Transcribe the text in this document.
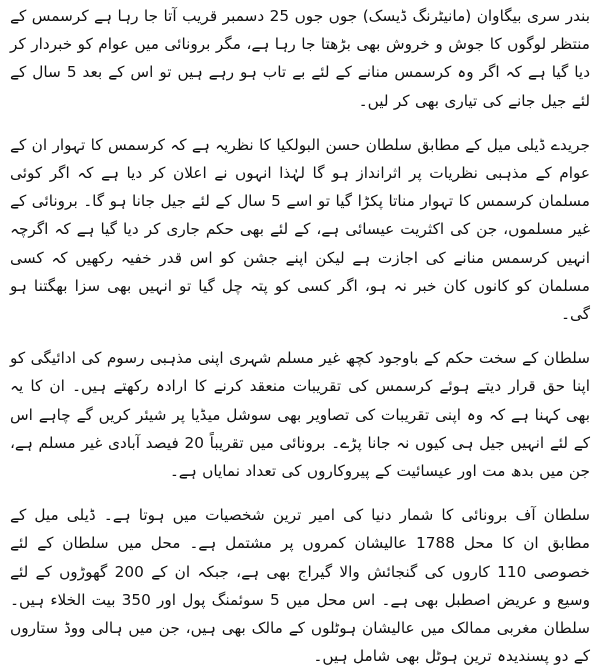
بندر سری بیگاوان (مانیٹرنگ ڈیسک) جوں جوں 25 دسمبر قریب آتا جا رہا ہے کرسمس کے منتظر لوگوں کا جوش و خروش بھی بڑھتا جا رہا ہے، مگر برونائی میں عوام کو خبردار کر دیا گیا ہے کہ اگر وہ کرسمس منانے کے لئے بے تاب ہو رہے ہیں تو اس کے بعد 5 سال کے لئے جیل جانے کی تیاری بھی کر لیں۔

جریدے ڈیلی میل کے مطابق سلطان حسن البولکیا کا نظریہ ہے کہ کرسمس کا تہوار ان کے عوام کے مذہبی نظریات پر اثرانداز ہو گا لہٰذا انہوں نے اعلان کر دیا ہے کہ اگر کوئی مسلمان کرسمس کا تہوار مناتا پکڑا گیا تو اسے 5 سال کے لئے جیل جانا ہو گا۔ برونائی کے غیر مسلموں، جن کی اکثریت عیسائی ہے، کے لئے بھی حکم جاری کر دیا گیا ہے کہ اگرچہ انہیں کرسمس منانے کی اجازت ہے لیکن اپنے جشن کو اس قدر خفیہ رکھیں کہ کسی مسلمان کو کانوں کان خبر نہ ہو، اگر کسی کو پتہ چل گیا تو انہیں بھی سزا بھگتنا ہو گی۔

سلطان کے سخت حکم کے باوجود کچھ غیر مسلم شہری اپنی مذہبی رسوم کی ادائیگی کو اپنا حق قرار دیتے ہوئے کرسمس کی تقریبات منعقد کرنے کا ارادہ رکھتے ہیں۔ ان کا یہ بھی کہنا ہے کہ وہ اپنی تقریبات کی تصاویر بھی سوشل میڈیا پر شیئر کریں گے چاہے اس کے لئے انہیں جیل ہی کیوں نہ جانا پڑے۔ برونائی میں تقریباً 20 فیصد آبادی غیر مسلم ہے، جن میں بدھ مت اور عیسائیت کے پیروکاروں کی تعداد نمایاں ہے۔

سلطان آف برونائی کا شمار دنیا کی امیر ترین شخصیات میں ہوتا ہے۔ ڈیلی میل کے مطابق ان کا محل 1788 عالیشان کمروں پر مشتمل ہے۔ محل میں سلطان کے لئے خصوصی 110 کاروں کی گنجائش والا گیراج بھی ہے، جبکہ ان کے 200 گھوڑوں کے لئے وسیع و عریض اصطبل بھی ہے۔ اس محل میں 5 سوئمنگ پول اور 350 بیت الخلاء ہیں۔ سلطان مغربی ممالک میں عالیشان ہوٹلوں کے مالک بھی ہیں، جن میں ہالی ووڈ ستاروں کے دو پسندیدہ ترین ہوٹل بھی شامل ہیں۔
